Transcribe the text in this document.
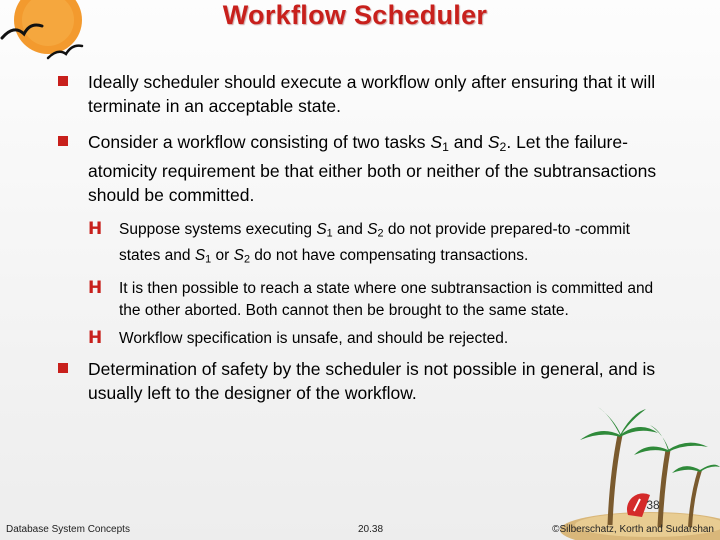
Workflow Scheduler
Ideally scheduler should execute a workflow only after ensuring that it will terminate in an acceptable state.
Consider a workflow consisting of two tasks $S_1$ and $S_2$. Let the failure-atomicity requirement be that either both or neither of the subtransactions should be committed.
H Suppose systems executing $S_1$ and $S_2$ do not provide prepared-to -commit states and $S_1$ or $S_2$ do not have compensating transactions.
H It is then possible to reach a state where one subtransaction is committed and the other aborted. Both cannot then be brought to the same state.
H Workflow specification is unsafe, and should be rejected.
Determination of safety by the scheduler is not possible in general, and is usually left to the designer of the workflow.
38
Database System Concepts	20.38	©Silberschatz, Korth and Sudarshan
